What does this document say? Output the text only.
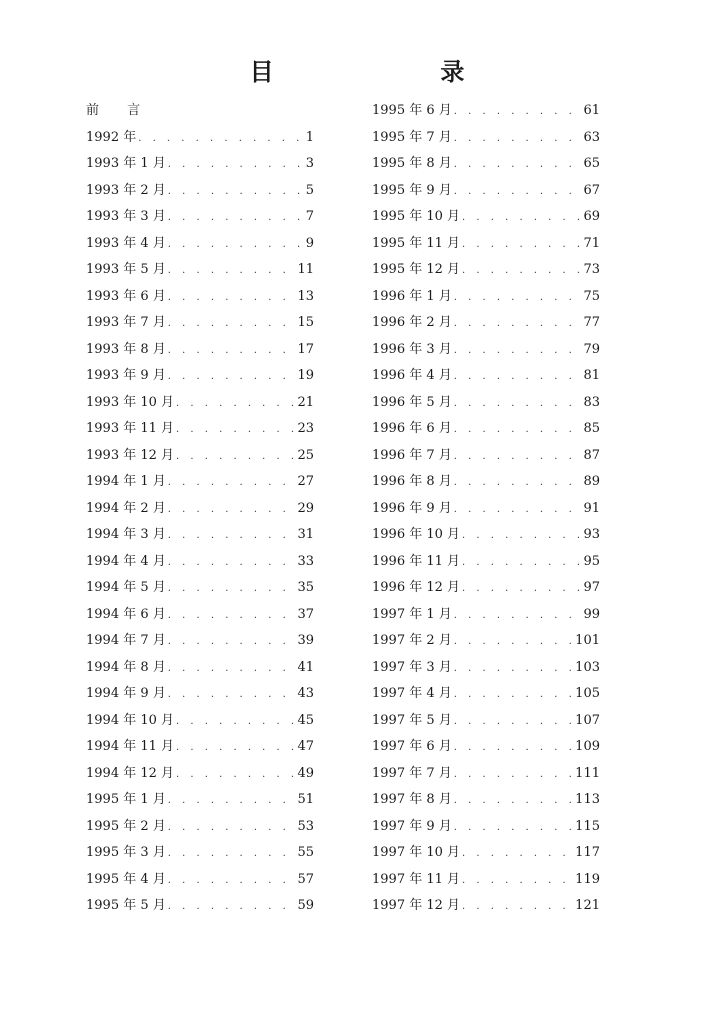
目  录
前 言
1992 年 . . .	1
1993 年 1 月 . . .	3
1993 年 2 月 . . .	5
1993 年 3 月 . . .	7
1993 年 4 月 . . .	9
1993 年 5 月 . . .	11
1993 年 6 月 . . .	13
1993 年 7 月 . . .	15
1993 年 8 月 . . .	17
1993 年 9 月 . . .	19
1993 年 10 月 . . .	21
1993 年 11 月 . . .	23
1993 年 12 月 . . .	25
1994 年 1 月 . . .	27
1994 年 2 月 . . .	29
1994 年 3 月 . . .	31
1994 年 4 月 . . .	33
1994 年 5 月 . . .	35
1994 年 6 月 . . .	37
1994 年 7 月 . . .	39
1994 年 8 月 . . .	41
1994 年 9 月 . . .	43
1994 年 10 月 . . .	45
1994 年 11 月 . . .	47
1994 年 12 月 . . .	49
1995 年 1 月 . . .	51
1995 年 2 月 . . .	53
1995 年 3 月 . . .	55
1995 年 4 月 . . .	57
1995 年 5 月 . . .	59
1995 年 6 月 . . .	61
1995 年 7 月 . . .	63
1995 年 8 月 . . .	65
1995 年 9 月 . . .	67
1995 年 10 月 . . .	69
1995 年 11 月 . . .	71
1995 年 12 月 . . .	73
1996 年 1 月 . . .	75
1996 年 2 月 . . .	77
1996 年 3 月 . . .	79
1996 年 4 月 . . .	81
1996 年 5 月 . . .	83
1996 年 6 月 . . .	85
1996 年 7 月 . . .	87
1996 年 8 月 . . .	89
1996 年 9 月 . . .	91
1996 年 10 月 . . .	93
1996 年 11 月 . . .	95
1996 年 12 月 . . .	97
1997 年 1 月 . . .	99
1997 年 2 月 . . .	101
1997 年 3 月 . . .	103
1997 年 4 月 . . .	105
1997 年 5 月 . . .	107
1997 年 6 月 . . .	109
1997 年 7 月 . . .	111
1997 年 8 月 . . .	113
1997 年 9 月 . . .	115
1997 年 10 月 . . .	117
1997 年 11 月 . . .	119
1997 年 12 月 . . .	121
